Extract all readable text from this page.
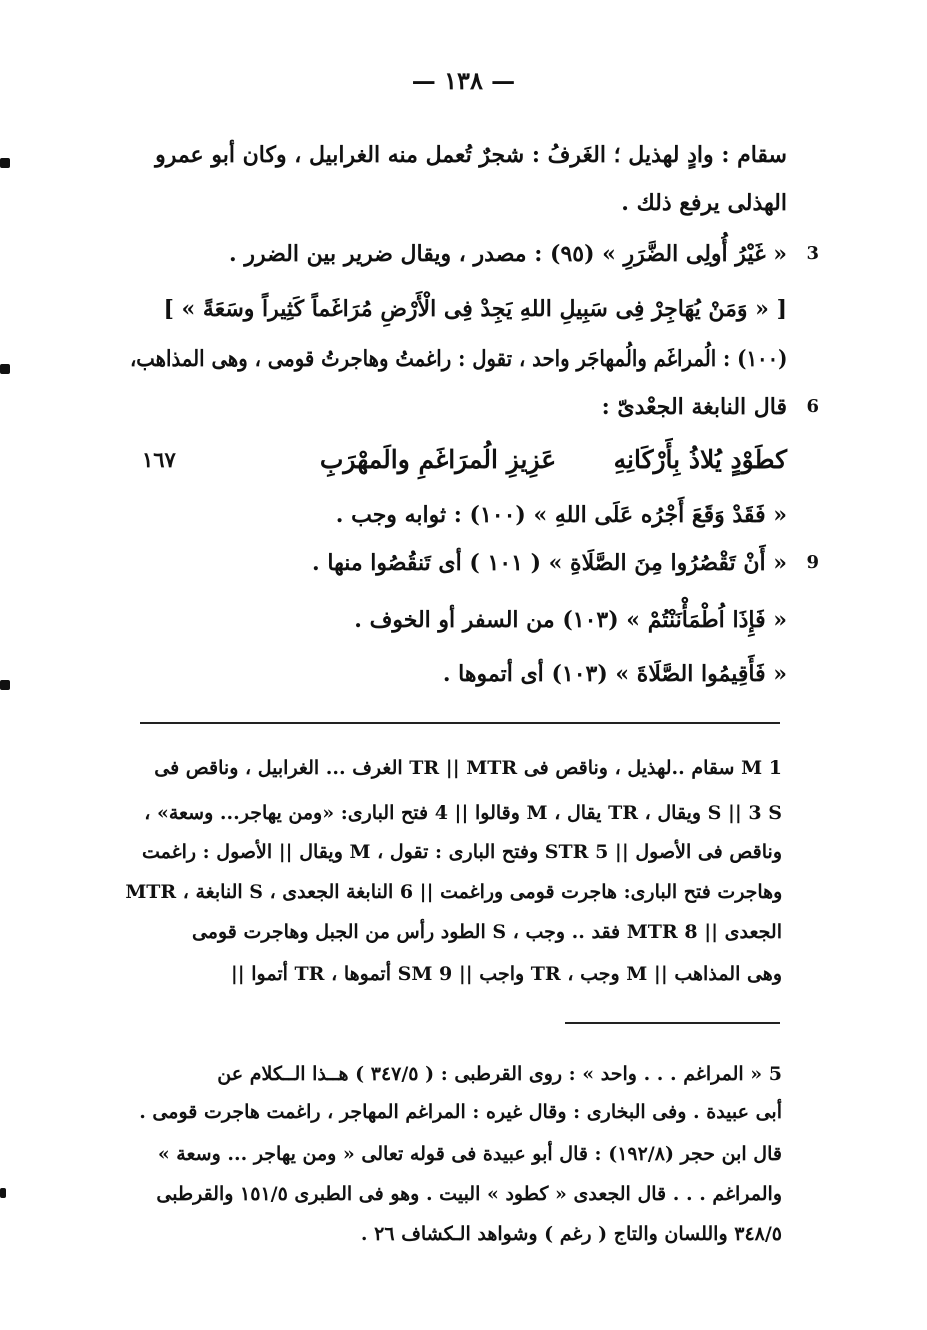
— ١٣٨ —
سقام : وادٍ لهذيل ؛ الغَرفُ : شجرٌ تُعمل منه الغرابيل ، وكان أبو عمرو
الهذلى يرفع ذلك .
3
« غَيْرُ أُولِى الضَّرَرِ » (٩٥) : مصدر ، ويقال ضرير بين الضرر .
[ « وَمَنْ يُهَاجِرْ فِى سَبِيلِ اللهِ يَجِدْ فِى الْأَرْضِ مُرَاغَماً كَثِيراً وسَعَةً » ]
(١٠٠) : الُمراغَم والُمهاجَر واحد ، تقول : راغمتُ وهاجرتُ قومى ، وهى المذاهب،
6
قال النابغة الجعْدىّ :
كطَوْدٍ يُلاذُ بِأَرْكَانِهِ  عَزِيزِ الُمرَاغَمِ والَمهْرَبِ
١٦٧
« فَقَدْ وَقَعَ أَجْرُه عَلَى اللهِ » (١٠٠) : ثوابه وجب .
9
« أَنْ تَقْصُرُوا مِنَ الصَّلَاةِ » ( ١٠١ ) أى تَنقُصُوا منها .
« فَإِذَا اُطْمَأْنَنْتُمْ » (١٠٣) من السفر أو الخوف .
« فَأَقِيمُوا الصَّلَاةَ » (١٠٣) أى أتموها .
1 M سقام ..لهذيل ، وناقص فى TR || MTR الغرف ... الغرابيل ، وناقص فى
S || 3 S ويقال ، TR يقال ، M وقالوا || 4 فتح البارى: «ومن يهاجر... وسعة» ،
وناقص فى الأصول || 5 STR وفتح البارى : تقول ، M ويقال || الأصول : راغمت
وهاجرت فتح البارى: هاجرت قومى وراغمت || 6 النابغة الجعدى ، S النابغة ، MTR
الجعدى || 8 MTR فقد .. وجب ، S الطود رأس من الجبل وهاجرت قومى
وهى المذاهب || M وجب ، TR واجب || 9 SM أتموها ، TR أتموا ||
5 « المراغم . . . واحد » : روى القرطبى : ( ٣٤٧/٥ ) هــذا الــكلام عن
أبى عبيدة . وفى البخارى : وقال غيره : المراغم المهاجر ، راغمت هاجرت قومى .
قال ابن حجر (١٩٢/٨) : قال أبو عبيدة فى قوله تعالى « ومن يهاجر ... وسعة »
والمراغم . . . قال الجعدى « كطود » البيت . وهو فى الطبرى ١٥١/٥ والقرطبى
٣٤٨/٥ واللسان والتاج ( رغم ) وشواهد الـكشاف ٢٦ .
